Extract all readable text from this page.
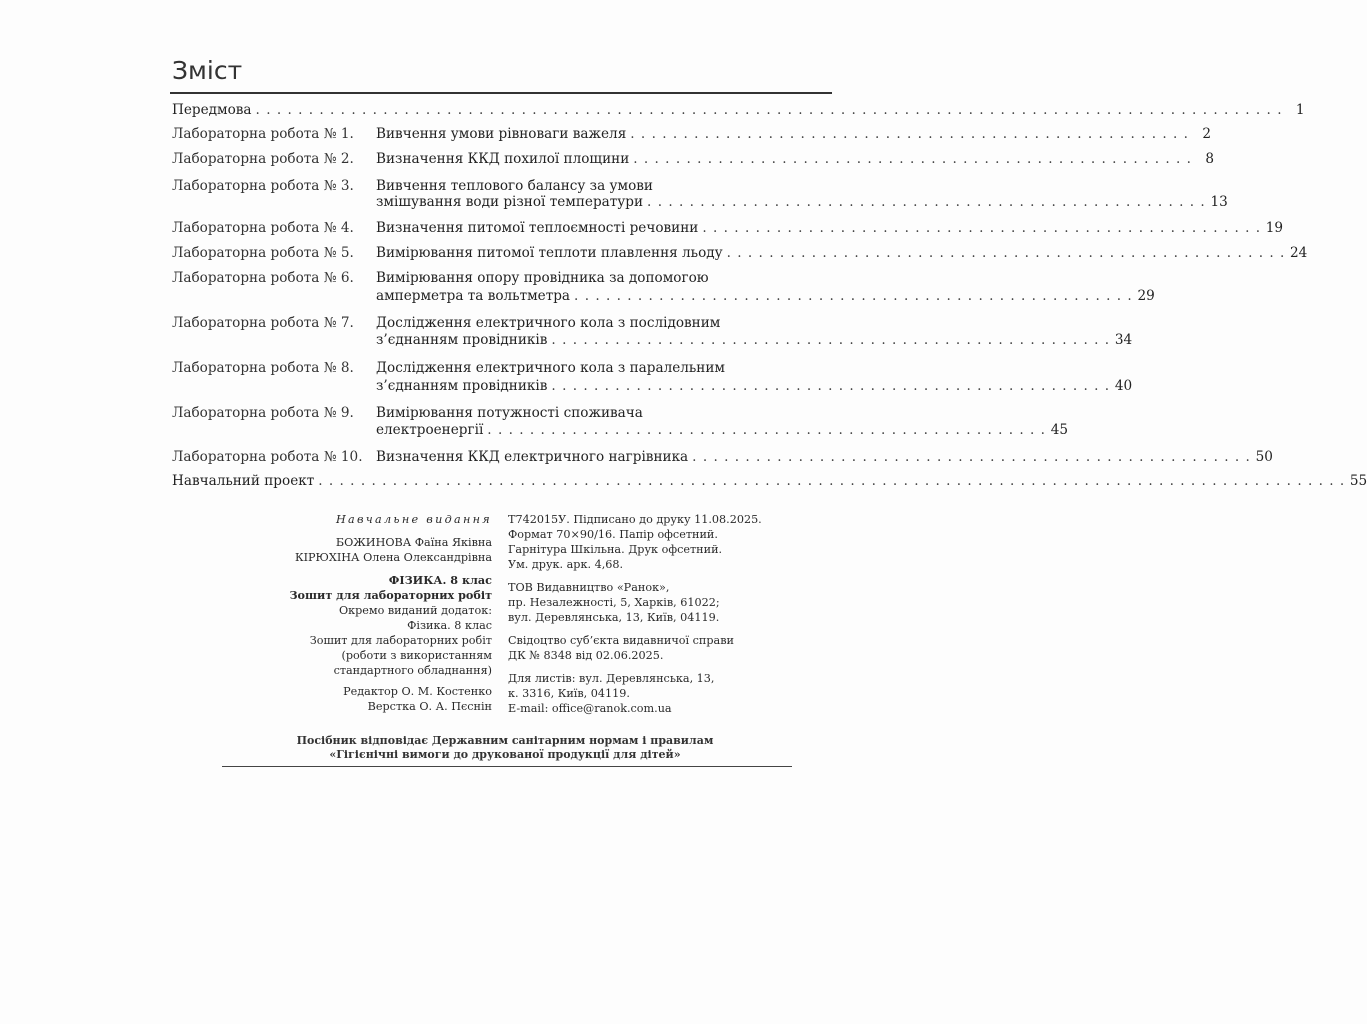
Зміст
Передмова . . . . . . . . . . . . . . . . . . . . . . . . . . . . . . . . . . . . . . . . . . . . . . . . . . . . . . . . . . . . . . . . . . . . . . . . . . . . . . . . . . . . . . . . . . . . . . . . . 1
Лабораторна робота № 1. Вивчення умови рівноваги важеля . . . . . . . . . . . . . . . . . . . . . . . . . . . . . . . . . . . . . . . . . . . . . . . . . . . . . 2
Лабораторна робота № 2. Визначення ККД похилої площини . . . . . . . . . . . . . . . . . . . . . . . . . . . . . . . . . . . . . . . . . . . . . . . . . . . . . 8
Лабораторна робота № 3. Вивчення теплового балансу за умови
змішування води різної температури . . . . . . . . . . . . . . . . . . . . . . . . . . . . . . . . . . . . . . . . . . . . . . . . . . . . . 13
Лабораторна робота № 4. Визначення питомої теплоємності речовини . . . . . . . . . . . . . . . . . . . . . . . . . . . . . . . . . . . . . . . . . . . . . . . . . . . . . 19
Лабораторна робота № 5. Вимірювання питомої теплоти плавлення льоду . . . . . . . . . . . . . . . . . . . . . . . . . . . . . . . . . . . . . . . . . . . . . . . . . . . . . 24
Лабораторна робота № 6. Вимірювання опору провідника за допомогою
амперметра та вольтметра . . . . . . . . . . . . . . . . . . . . . . . . . . . . . . . . . . . . . . . . . . . . . . . . . . . . . 29
Лабораторна робота № 7. Дослідження електричного кола з послідовним
з’єднанням провідників . . . . . . . . . . . . . . . . . . . . . . . . . . . . . . . . . . . . . . . . . . . . . . . . . . . . . 34
Лабораторна робота № 8. Дослідження електричного кола з паралельним
з’єднанням провідників . . . . . . . . . . . . . . . . . . . . . . . . . . . . . . . . . . . . . . . . . . . . . . . . . . . . . 40
Лабораторна робота № 9. Вимірювання потужності споживача
електроенергії . . . . . . . . . . . . . . . . . . . . . . . . . . . . . . . . . . . . . . . . . . . . . . . . . . . . . 45
Лабораторна робота № 10. Визначення ККД електричного нагрівника . . . . . . . . . . . . . . . . . . . . . . . . . . . . . . . . . . . . . . . . . . . . . . . . . . . . . 50
Навчальний проект . . . . . . . . . . . . . . . . . . . . . . . . . . . . . . . . . . . . . . . . . . . . . . . . . . . . . . . . . . . . . . . . . . . . . . . . . . . . . . . . . . . . . . . . . . . . . . . . . 55
Навчальне видання
БОЖИНОВА Фаїна Яківна
КІРЮХІНА Олена Олександрівна
ФІЗИКА. 8 клас
Зошит для лабораторних робіт
Окремо виданий додаток:
Фізика. 8 клас
Зошит для лабораторних робіт
(роботи з використанням
стандартного обладнання)
Редактор О. М. Костенко
Верстка О. А. Пєснін
Т742015У. Підписано до друку 11.08.2025.
Формат 70×90/16. Папір офсетний.
Гарнітура Шкільна. Друк офсетний.
Ум. друк. арк. 4,68.
ТОВ Видавництво «Ранок»,
пр. Незалежності, 5, Харків, 61022;
вул. Деревлянська, 13, Київ, 04119.
Свідоцтво суб’єкта видавничої справи
ДК № 8348 від 02.06.2025.
Для листів: вул. Деревлянська, 13,
к. 3316, Київ, 04119.
E-mail: office@ranok.com.ua
Посібник відповідає Державним санітарним нормам і правилам
«Гігієнічні вимоги до друкованої продукції для дітей»
